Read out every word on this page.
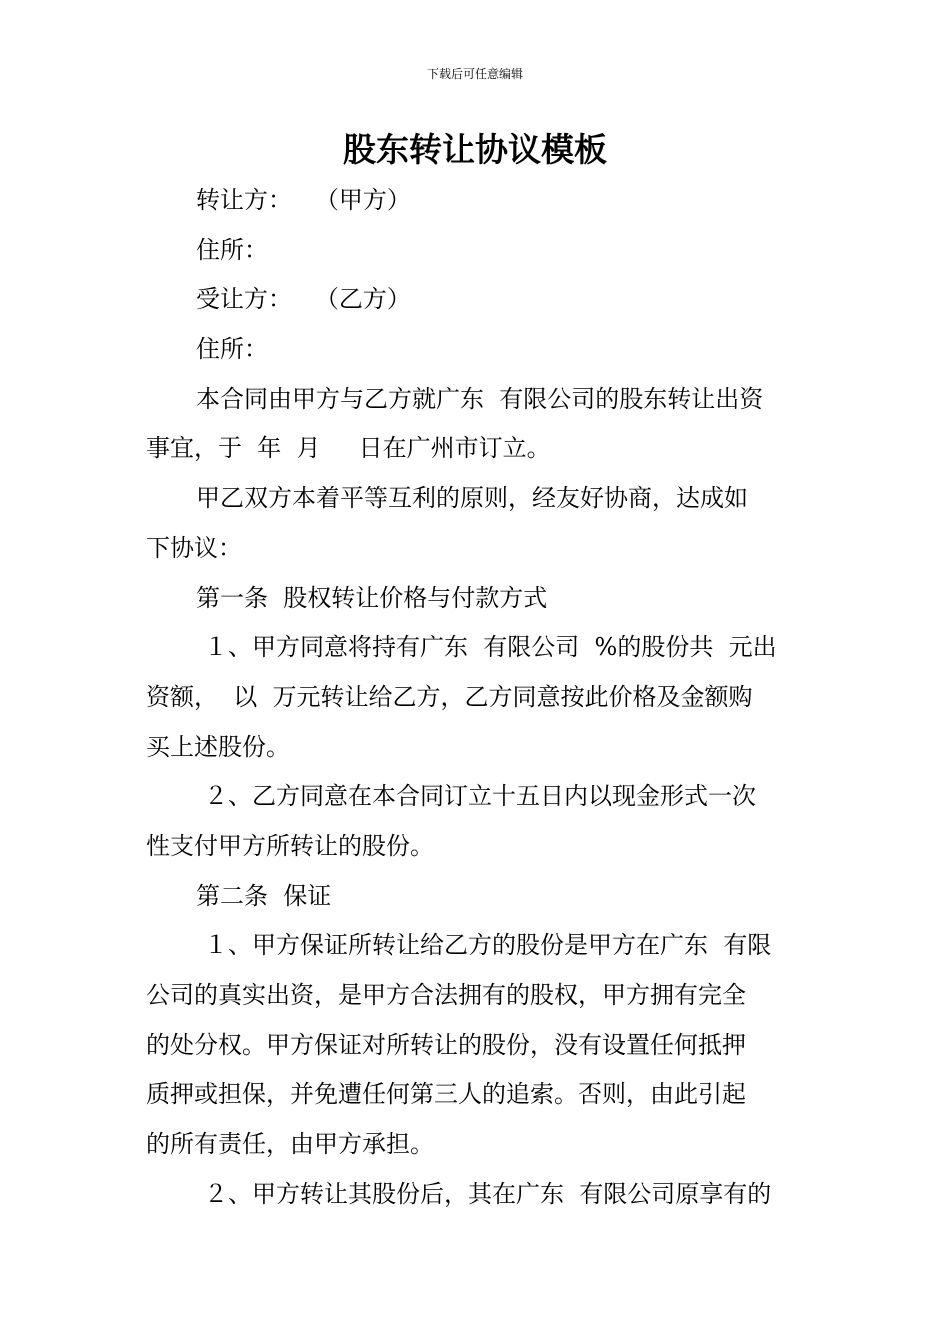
下载后可任意编辑
股东转让协议模板
转让方：   （甲方）
住所：
受让方：   （乙方）
住所：
本合同由甲方与乙方就广东  有限公司的股东转让出资
事宜，于  年  月     日在广州市订立。
甲乙双方本着平等互利的原则，经友好协商，达成如
下协议：
第一条  股权转让价格与付款方式
１、甲方同意将持有广东  有限公司  %的股份共  元出
资额，  以  万元转让给乙方，乙方同意按此价格及金额购
买上述股份。
２、乙方同意在本合同订立十五日内以现金形式一次
性支付甲方所转让的股份。
第二条  保证
１、甲方保证所转让给乙方的股份是甲方在广东  有限
公司的真实出资，是甲方合法拥有的股权，甲方拥有完全
的处分权。甲方保证对所转让的股份，没有设置任何抵押
质押或担保，并免遭任何第三人的追索。否则，由此引起
的所有责任，由甲方承担。
２、甲方转让其股份后，其在广东  有限公司原享有的
